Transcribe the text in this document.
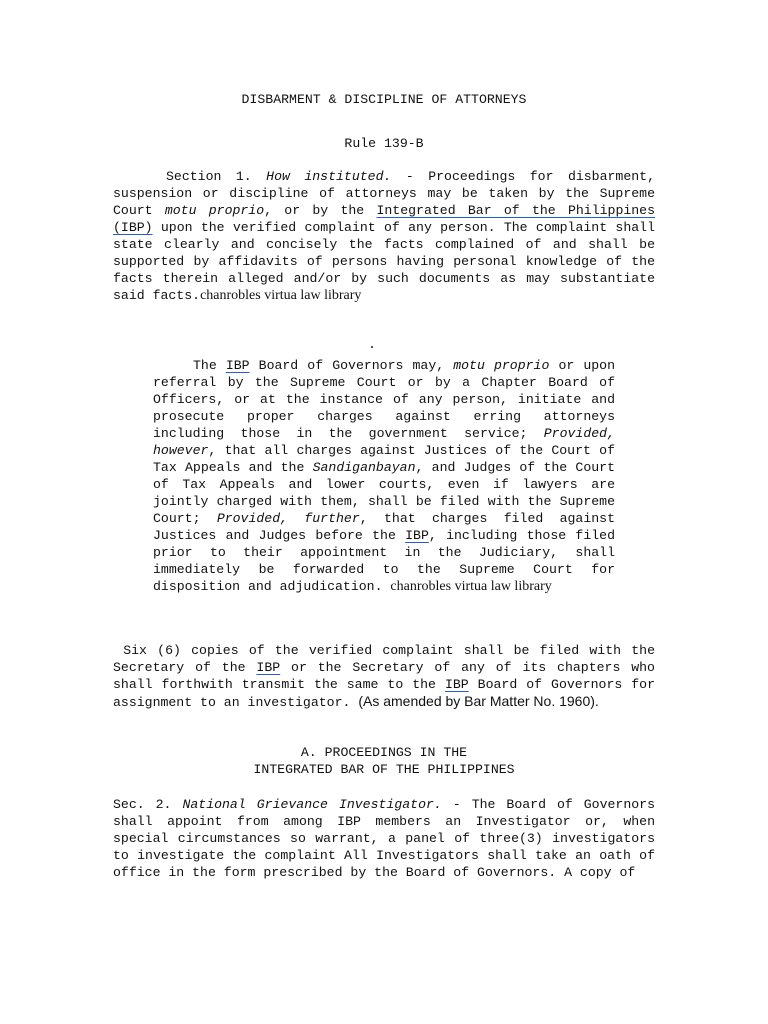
DISBARMENT & DISCIPLINE OF ATTORNEYS
Rule 139-B
Section 1. How instituted. - Proceedings for disbarment, suspension or discipline of attorneys may be taken by the Supreme Court motu proprio, or by the Integrated Bar of the Philippines (IBP) upon the verified complaint of any person. The complaint shall state clearly and concisely the facts complained of and shall be supported by affidavits of persons having personal knowledge of the facts therein alleged and/or by such documents as may substantiate said facts.chanrobles virtua law library
.
The IBP Board of Governors may, motu proprio or upon referral by the Supreme Court or by a Chapter Board of Officers, or at the instance of any person, initiate and prosecute proper charges against erring attorneys including those in the government service; Provided, however, that all charges against Justices of the Court of Tax Appeals and the Sandiganbayan, and Judges of the Court of Tax Appeals and lower courts, even if lawyers are jointly charged with them, shall be filed with the Supreme Court; Provided, further, that charges filed against Justices and Judges before the IBP, including those filed prior to their appointment in the Judiciary, shall immediately be forwarded to the Supreme Court for disposition and adjudication. chanrobles virtua law library
Six (6) copies of the verified complaint shall be filed with the Secretary of the IBP or the Secretary of any of its chapters who shall forthwith transmit the same to the IBP Board of Governors for assignment to an investigator. (As amended by Bar Matter No. 1960).
A. PROCEEDINGS IN THE
INTEGRATED BAR OF THE PHILIPPINES
Sec. 2. National Grievance Investigator. - The Board of Governors shall appoint from among IBP members an Investigator or, when special circumstances so warrant, a panel of three(3) investigators to investigate the complaint All Investigators shall take an oath of office in the form prescribed by the Board of Governors. A copy of
